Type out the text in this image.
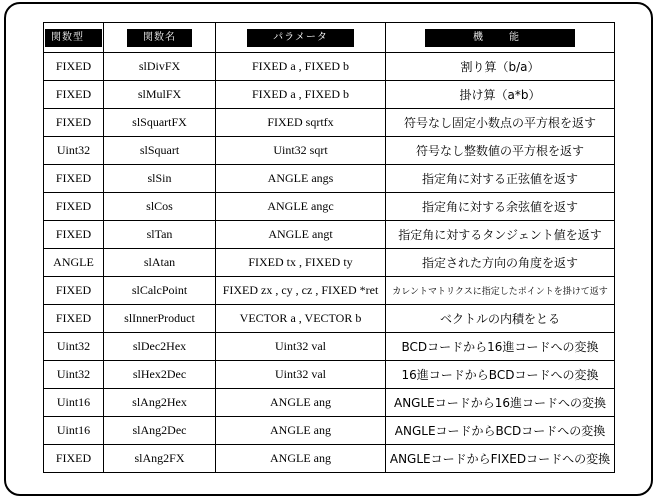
関数型	関数名	パラメータ	機　能
FIXED	slDivFX	FIXED a , FIXED b	割り算（b/a）
FIXED	slMulFX	FIXED a , FIXED b	掛け算（a*b）
FIXED	slSquartFX	FIXED sqrtfx	符号なし固定小数点の平方根を返す
Uint32	slSquart	Uint32 sqrt	符号なし整数値の平方根を返す
FIXED	slSin	ANGLE angs	指定角に対する正弦値を返す
FIXED	slCos	ANGLE angc	指定角に対する余弦値を返す
FIXED	slTan	ANGLE angt	指定角に対するタンジェント値を返す
ANGLE	slAtan	FIXED tx , FIXED ty	指定された方向の角度を返す
FIXED	slCalcPoint	FIXED zx , cy , cz , FIXED *ret	カレントマトリクスに指定したポイントを掛けて返す
FIXED	slInnerProduct	VECTOR a , VECTOR b	ベクトルの内積をとる
Uint32	slDec2Hex	Uint32 val	BCDコードから16進コードへの変換
Uint32	slHex2Dec	Uint32 val	16進コードからBCDコードへの変換
Uint16	slAng2Hex	ANGLE ang	ANGLEコードから16進コードへの変換
Uint16	slAng2Dec	ANGLE ang	ANGLEコードからBCDコードへの変換
FIXED	slAng2FX	ANGLE ang	ANGLEコードからFIXEDコードへの変換
